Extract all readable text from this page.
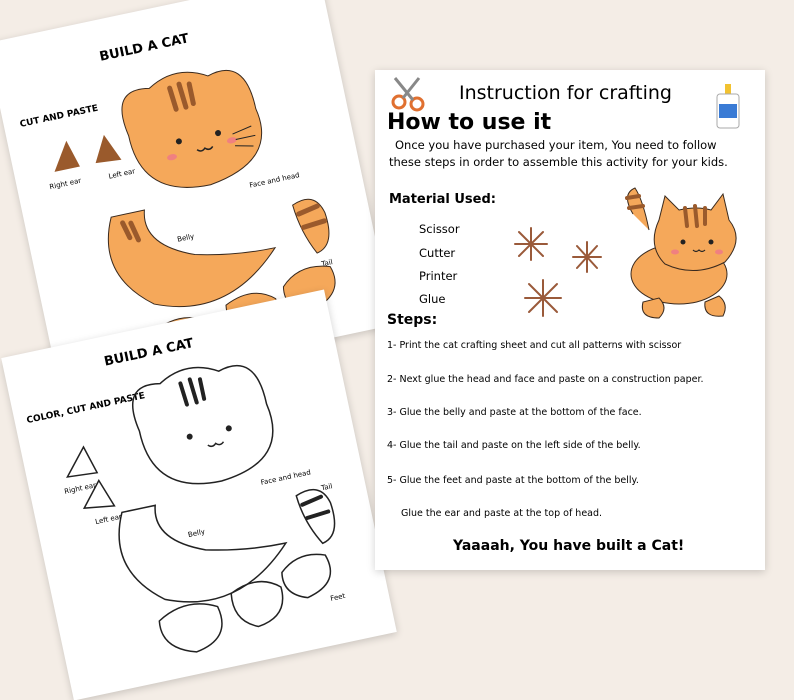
BUILD A CAT
CUT AND PASTE
Right ear
Left ear	Face and head
Belly
Tail
BUILD A CAT
COLOR, CUT AND PASTE
Right ear
Left ear
Face and head
Belly
Tail
Feet
Instruction for crafting
How to use it
Once you have purchased your item, You need to follow
these steps in order to assemble this activity for your kids.
Material Used:
Scissor
Cutter
Printer
Glue
Steps:
1- Print the cat crafting sheet and cut all patterns with scissor
2- Next glue the head and face and paste on a construction paper.
3- Glue the belly and paste at the bottom of the face.
4- Glue the tail and paste on the left side of the belly.
5- Glue the feet and paste at the bottom of the belly.
Glue the ear and paste at the top of head.
Yaaaah, You have built a Cat!
